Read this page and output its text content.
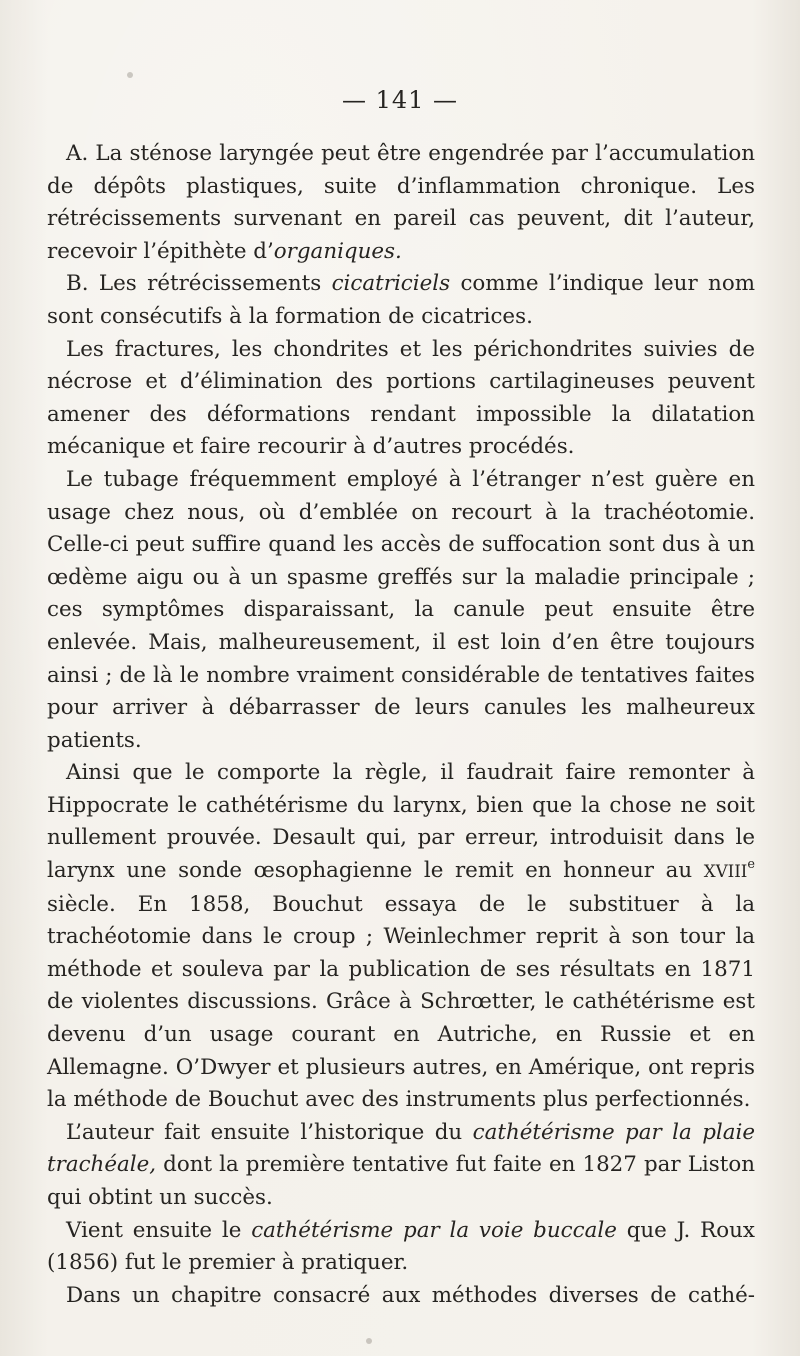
— 141 —

A. La sténose laryngée peut être engendrée par l’accumulation de dépôts plastiques, suite d’inflammation chronique. Les rétrécissements survenant en pareil cas peuvent, dit l’auteur, recevoir l’épithète d’organiques.

B. Les rétrécissements cicatriciels comme l’indique leur nom sont consécutifs à la formation de cicatrices.

Les fractures, les chondrites et les périchondrites suivies de nécrose et d’élimination des portions cartilagineuses peuvent amener des déformations rendant impossible la dilatation mécanique et faire recourir à d’autres procédés.

Le tubage fréquemment employé à l’étranger n’est guère en usage chez nous, où d’emblée on recourt à la trachéotomie. Celle-ci peut suffire quand les accès de suffocation sont dus à un œdème aigu ou à un spasme greffés sur la maladie principale ; ces symptômes disparaissant, la canule peut ensuite être enlevée. Mais, malheureusement, il est loin d’en être toujours ainsi ; de là le nombre vraiment considérable de tentatives faites pour arriver à débarrasser de leurs canules les malheureux patients.

Ainsi que le comporte la règle, il faudrait faire remonter à Hippocrate le cathétérisme du larynx, bien que la chose ne soit nullement prouvée. Desault qui, par erreur, introduisit dans le larynx une sonde œsophagienne le remit en honneur au XVIIIe siècle. En 1858, Bouchut essaya de le substituer à la trachéotomie dans le croup ; Weinlechmer reprit à son tour la méthode et souleva par la publication de ses résultats en 1871 de violentes discussions. Grâce à Schrœtter, le cathétérisme est devenu d’un usage courant en Autriche, en Russie et en Allemagne. O’Dwyer et plusieurs autres, en Amérique, ont repris la méthode de Bouchut avec des instruments plus perfectionnés.

L’auteur fait ensuite l’historique du cathétérisme par la plaie trachéale, dont la première tentative fut faite en 1827 par Liston qui obtint un succès.

Vient ensuite le cathétérisme par la voie buccale que J. Roux (1856) fut le premier à pratiquer.

Dans un chapitre consacré aux méthodes diverses de cathé-
